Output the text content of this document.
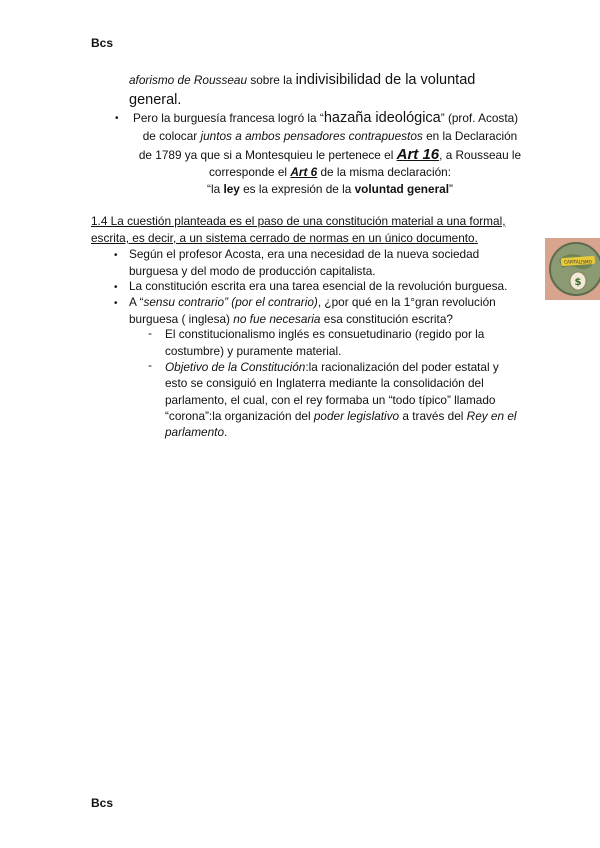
Bcs
aforismo de Rousseau sobre la indivisibilidad de la voluntad
general.
• Pero la burguesía francesa logró la “hazaña ideológica” (prof. Acosta)
de colocar juntos a ambos pensadores contrapuestos en la Declaración
de 1789 ya que si a Montesquieu le pertenece el Art 16, a Rousseau le
corresponde el Art 6 de la misma declaración:
“la ley es la expresión de la voluntad general”
1.4 La cuestión planteada es el paso de una constitución material a una formal,
escrita, es decir, a un sistema cerrado de normas en un único documento.
• Según el profesor Acosta, era una necesidad de la nueva sociedad
burguesa y del modo de producción capitalista.
• La constitución escrita era una tarea esencial de la revolución burguesa.
• A “sensu contrario” (por el contrario), ¿por qué en la 1°gran revolución
burguesa ( inglesa) no fue necesaria esa constitución escrita?
- El constitucionalismo inglés es consuetudinario (regido por la
costumbre) y puramente material.
- Objetivo de la Constitución:la racionalización del poder estatal y
esto se consiguió en Inglaterra mediante la consolidación del
parlamento, el cual, con el rey formaba un “todo típico” llamado
“corona”:la organización del poder legislativo a través del Rey en el
parlamento.
CAPITALISMO
$
Bcs
